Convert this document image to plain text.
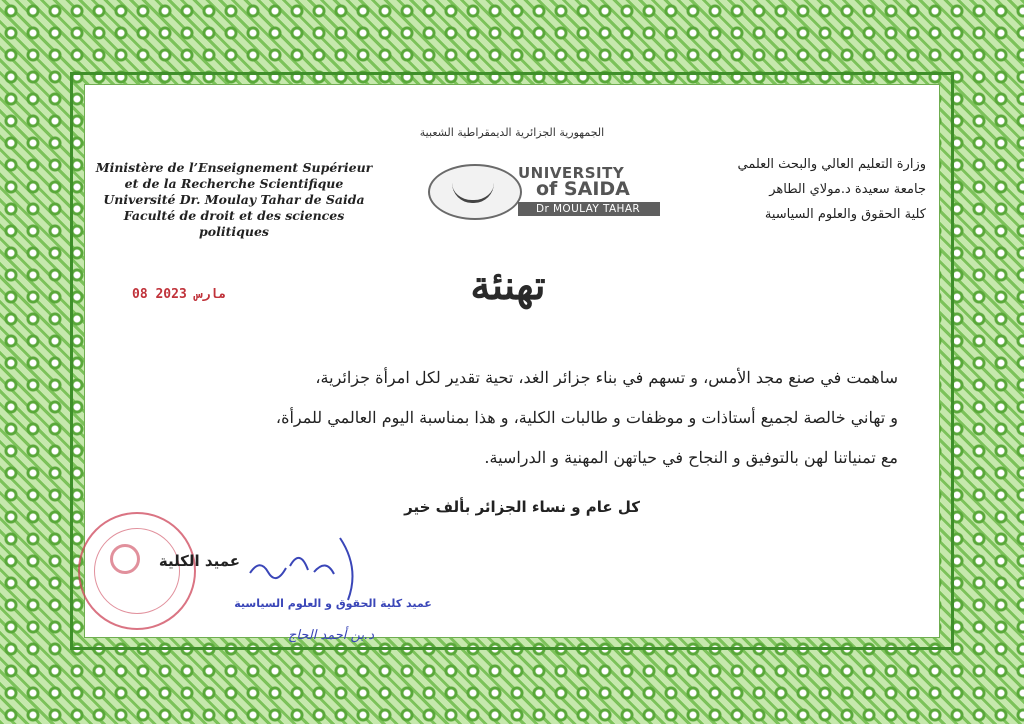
الجمهورية الجزائرية الديمقراطية الشعبية
Ministère de l’Enseignement Supérieur
et de la Recherche Scientifique
Université Dr. Moulay Tahar de Saida
Faculté de droit et des sciences
politiques
وزارة التعليم العالي والبحث العلمي
جامعة سعيدة د.مولاي الطاهر
كلية الحقوق والعلوم السياسية
UNIVERSITY
of SAIDA
Dr MOULAY TAHAR
تهنئة
08 مارس 2023

ساهمت في صنع مجد الأمس، و تسهم في بناء جزائر الغد، تحية تقدير لكل امرأة جزائرية،

و تهاني خالصة لجميع أستاذات و موظفات و طالبات الكلية، و هذا بمناسبة اليوم العالمي للمرأة،

مع تمنياتنا لهن بالتوفيق و النجاح في حياتهن المهنية و الدراسية.

كل عام و نساء الجزائر بألف خير
عميد الكلية
عميد كلية الحقوق و العلوم السياسية
د.بن أحمد الحاج
